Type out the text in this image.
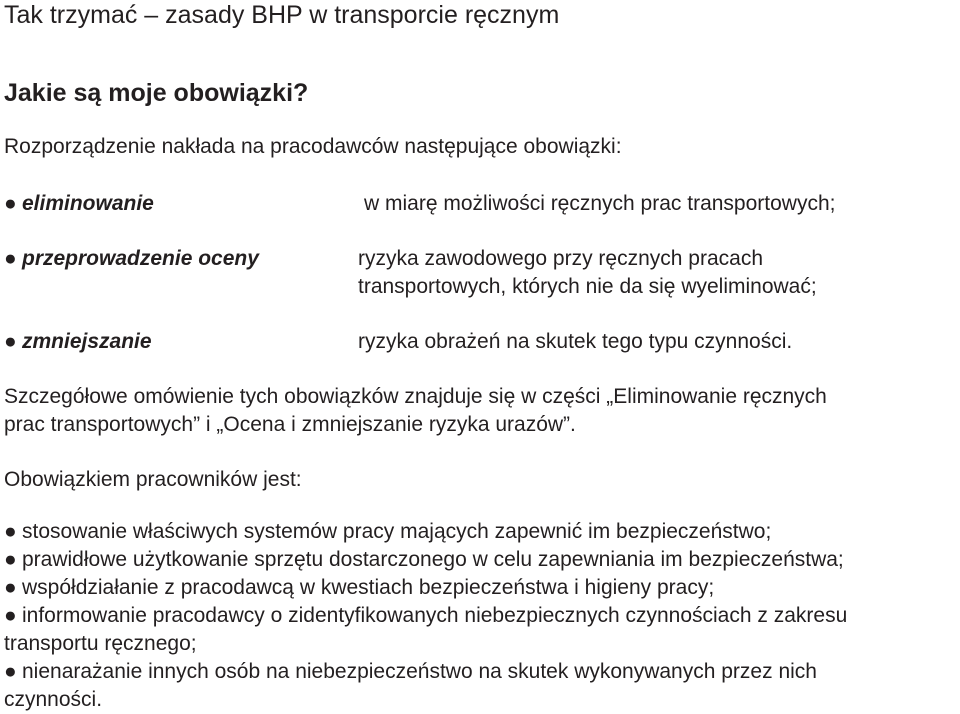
Tak trzymać – zasady BHP w transporcie ręcznym
Jakie są moje obowiązki?
Rozporządzenie nakłada na pracodawców następujące obowiązki:
● eliminowanie	w miarę możliwości ręcznych prac transportowych;
● przeprowadzenie oceny	ryzyka zawodowego przy ręcznych pracach
transportowych, których nie da się wyeliminować;
● zmniejszanie	ryzyka obrażeń na skutek tego typu czynności.
Szczegółowe omówienie tych obowiązków znajduje się w części „Eliminowanie ręcznych
prac transportowych” i „Ocena i zmniejszanie ryzyka urazów”.
Obowiązkiem pracowników jest:
● stosowanie właściwych systemów pracy mających zapewnić im bezpieczeństwo;
● prawidłowe użytkowanie sprzętu dostarczonego w celu zapewniania im bezpieczeństwa;
● współdziałanie z pracodawcą w kwestiach bezpieczeństwa i higieny pracy;
● informowanie pracodawcy o zidentyfikowanych niebezpiecznych czynnościach z zakresu
transportu ręcznego;
● nienarażanie innych osób na niebezpieczeństwo na skutek wykonywanych przez nich
czynności.
